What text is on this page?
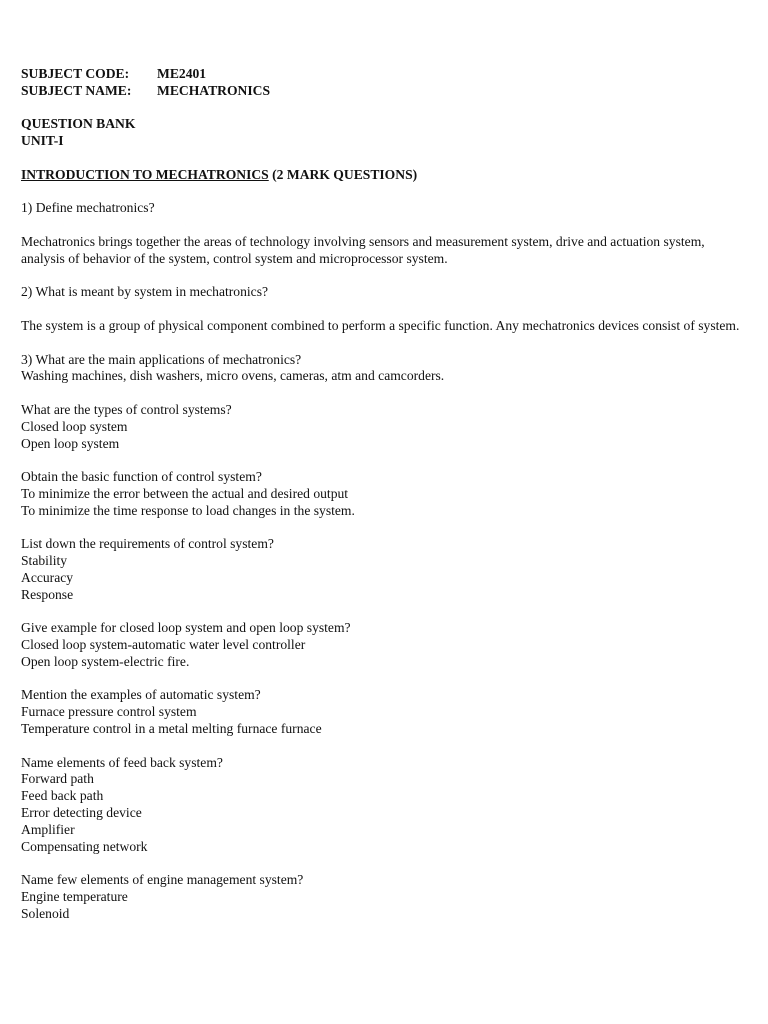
SUBJECT CODE: ME2401
SUBJECT NAME: MECHATRONICS
QUESTION BANK
UNIT-I
INTRODUCTION TO MECHATRONICS (2 MARK QUESTIONS)
1) Define mechatronics?
Mechatronics brings together the areas of technology involving sensors and measurement system, drive and actuation system, analysis of behavior of the system, control system and microprocessor system.
2) What is meant by system in mechatronics?
The system is a group of physical component combined to perform a specific function. Any mechatronics devices consist of system.
3) What are the main applications of mechatronics?
Washing machines, dish washers, micro ovens, cameras, atm and camcorders.
What are the types of control systems?
Closed loop system
Open loop system
Obtain the basic function of control system?
To minimize the error between the actual and desired output
To minimize the time response to load changes in the system.
List down the requirements of control system?
Stability
Accuracy
Response
Give example for closed loop system and open loop system?
Closed loop system-automatic water level controller
Open loop system-electric fire.
Mention the examples of automatic system?
Furnace pressure control system
Temperature control in a metal melting furnace furnace
Name elements of feed back system?
Forward path
Feed back path
Error detecting device
Amplifier
Compensating network
Name few elements of engine management system?
Engine temperature
Solenoid
